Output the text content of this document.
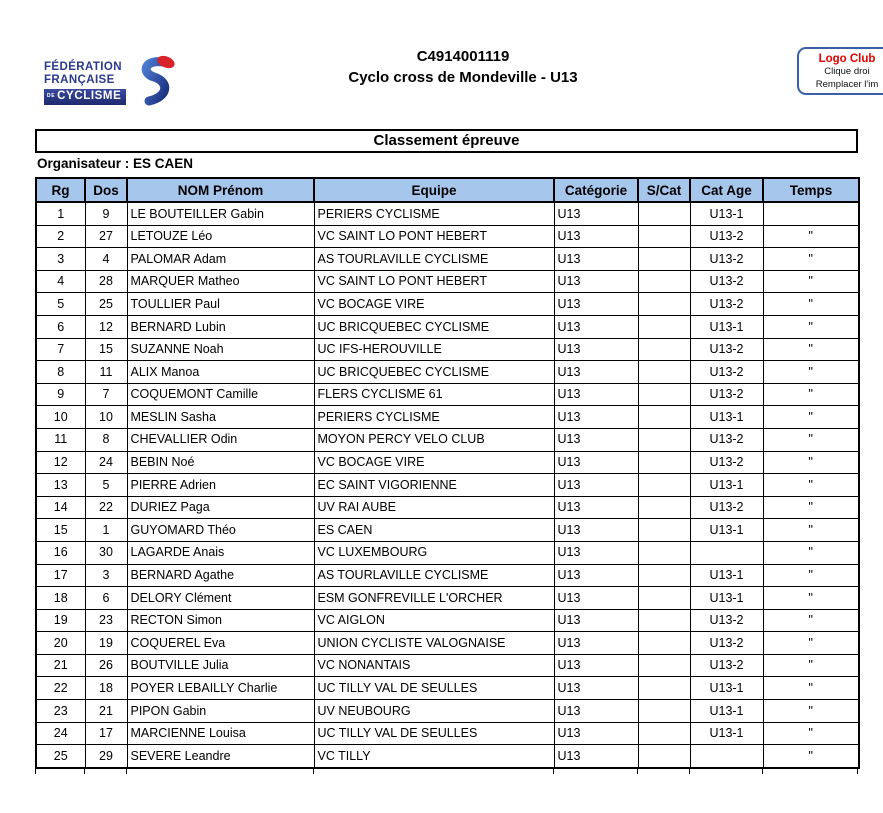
FÉDÉRATION
FRANÇAISE
DE CYCLISME
C4914001119
Cyclo cross de Mondeville - U13
Logo Club
Clique droi
Remplacer l'im
Classement épreuve
Organisateur : ES CAEN
Rg	Dos	NOM Prénom	Equipe	Catégorie	S/Cat	Cat Age	Temps
1	9	LE BOUTEILLER Gabin	PERIERS CYCLISME	U13		U13-1	
2	27	LETOUZE Léo	VC SAINT LO PONT HEBERT	U13		U13-2	"
3	4	PALOMAR Adam	AS TOURLAVILLE CYCLISME	U13		U13-2	"
4	28	MARQUER Matheo	VC SAINT LO PONT HEBERT	U13		U13-2	"
5	25	TOULLIER Paul	VC BOCAGE VIRE	U13		U13-2	"
6	12	BERNARD Lubin	UC BRICQUEBEC CYCLISME	U13		U13-1	"
7	15	SUZANNE Noah	UC IFS-HEROUVILLE	U13		U13-2	"
8	11	ALIX Manoa	UC BRICQUEBEC CYCLISME	U13		U13-2	"
9	7	COQUEMONT Camille	FLERS CYCLISME 61	U13		U13-2	"
10	10	MESLIN Sasha	PERIERS CYCLISME	U13		U13-1	"
11	8	CHEVALLIER Odin	MOYON PERCY VELO CLUB	U13		U13-2	"
12	24	BEBIN Noé	VC BOCAGE VIRE	U13		U13-2	"
13	5	PIERRE Adrien	EC SAINT VIGORIENNE	U13		U13-1	"
14	22	DURIEZ Paga	UV RAI AUBE	U13		U13-2	"
15	1	GUYOMARD Théo	ES CAEN	U13		U13-1	"
16	30	LAGARDE Anais	VC LUXEMBOURG	U13			"
17	3	BERNARD Agathe	AS TOURLAVILLE CYCLISME	U13		U13-1	"
18	6	DELORY Clément	ESM GONFREVILLE L'ORCHER	U13		U13-1	"
19	23	RECTON Simon	VC AIGLON	U13		U13-2	"
20	19	COQUEREL Eva	UNION CYCLISTE VALOGNAISE	U13		U13-2	"
21	26	BOUTVILLE Julia	VC NONANTAIS	U13		U13-2	"
22	18	POYER LEBAILLY Charlie	UC TILLY VAL DE SEULLES	U13		U13-1	"
23	21	PIPON Gabin	UV NEUBOURG	U13		U13-1	"
24	17	MARCIENNE Louisa	UC TILLY VAL DE SEULLES	U13		U13-1	"
25	29	SEVERE Leandre	VC TILLY	U13			"
